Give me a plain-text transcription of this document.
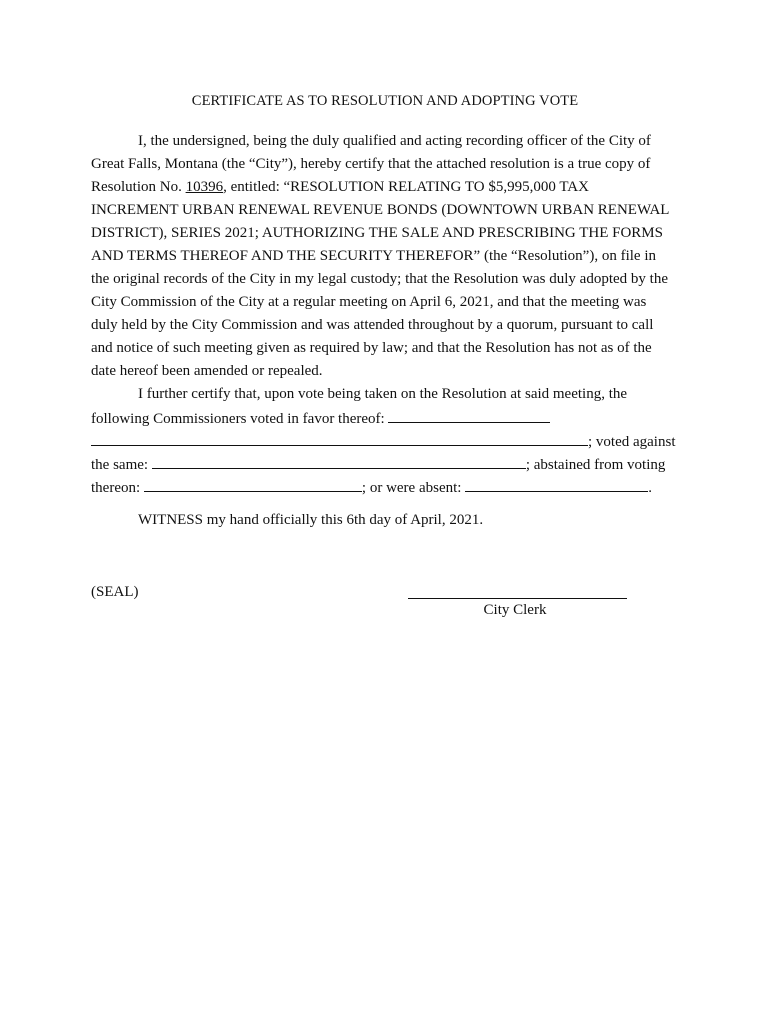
CERTIFICATE AS TO RESOLUTION AND ADOPTING VOTE
I, the undersigned, being the duly qualified and acting recording officer of the City of
Great Falls, Montana (the “City”), hereby certify that the attached resolution is a true copy of
Resolution No. 10396, entitled: “RESOLUTION RELATING TO $5,995,000 TAX
INCREMENT URBAN RENEWAL REVENUE BONDS (DOWNTOWN URBAN RENEWAL
DISTRICT), SERIES 2021; AUTHORIZING THE SALE AND PRESCRIBING THE FORMS
AND TERMS THEREOF AND THE SECURITY THEREFOR” (the “Resolution”), on file in
the original records of the City in my legal custody; that the Resolution was duly adopted by the
City Commission of the City at a regular meeting on April 6, 2021, and that the meeting was
duly held by the City Commission and was attended throughout by a quorum, pursuant to call
and notice of such meeting given as required by law; and that the Resolution has not as of the
date hereof been amended or repealed.
I further certify that, upon vote being taken on the Resolution at said meeting, the
following Commissioners voted in favor thereof:
; voted against
the same:	; abstained from voting
thereon:	; or were absent:	.
WITNESS my hand officially this 6th day of April, 2021.
(SEAL)
City Clerk
